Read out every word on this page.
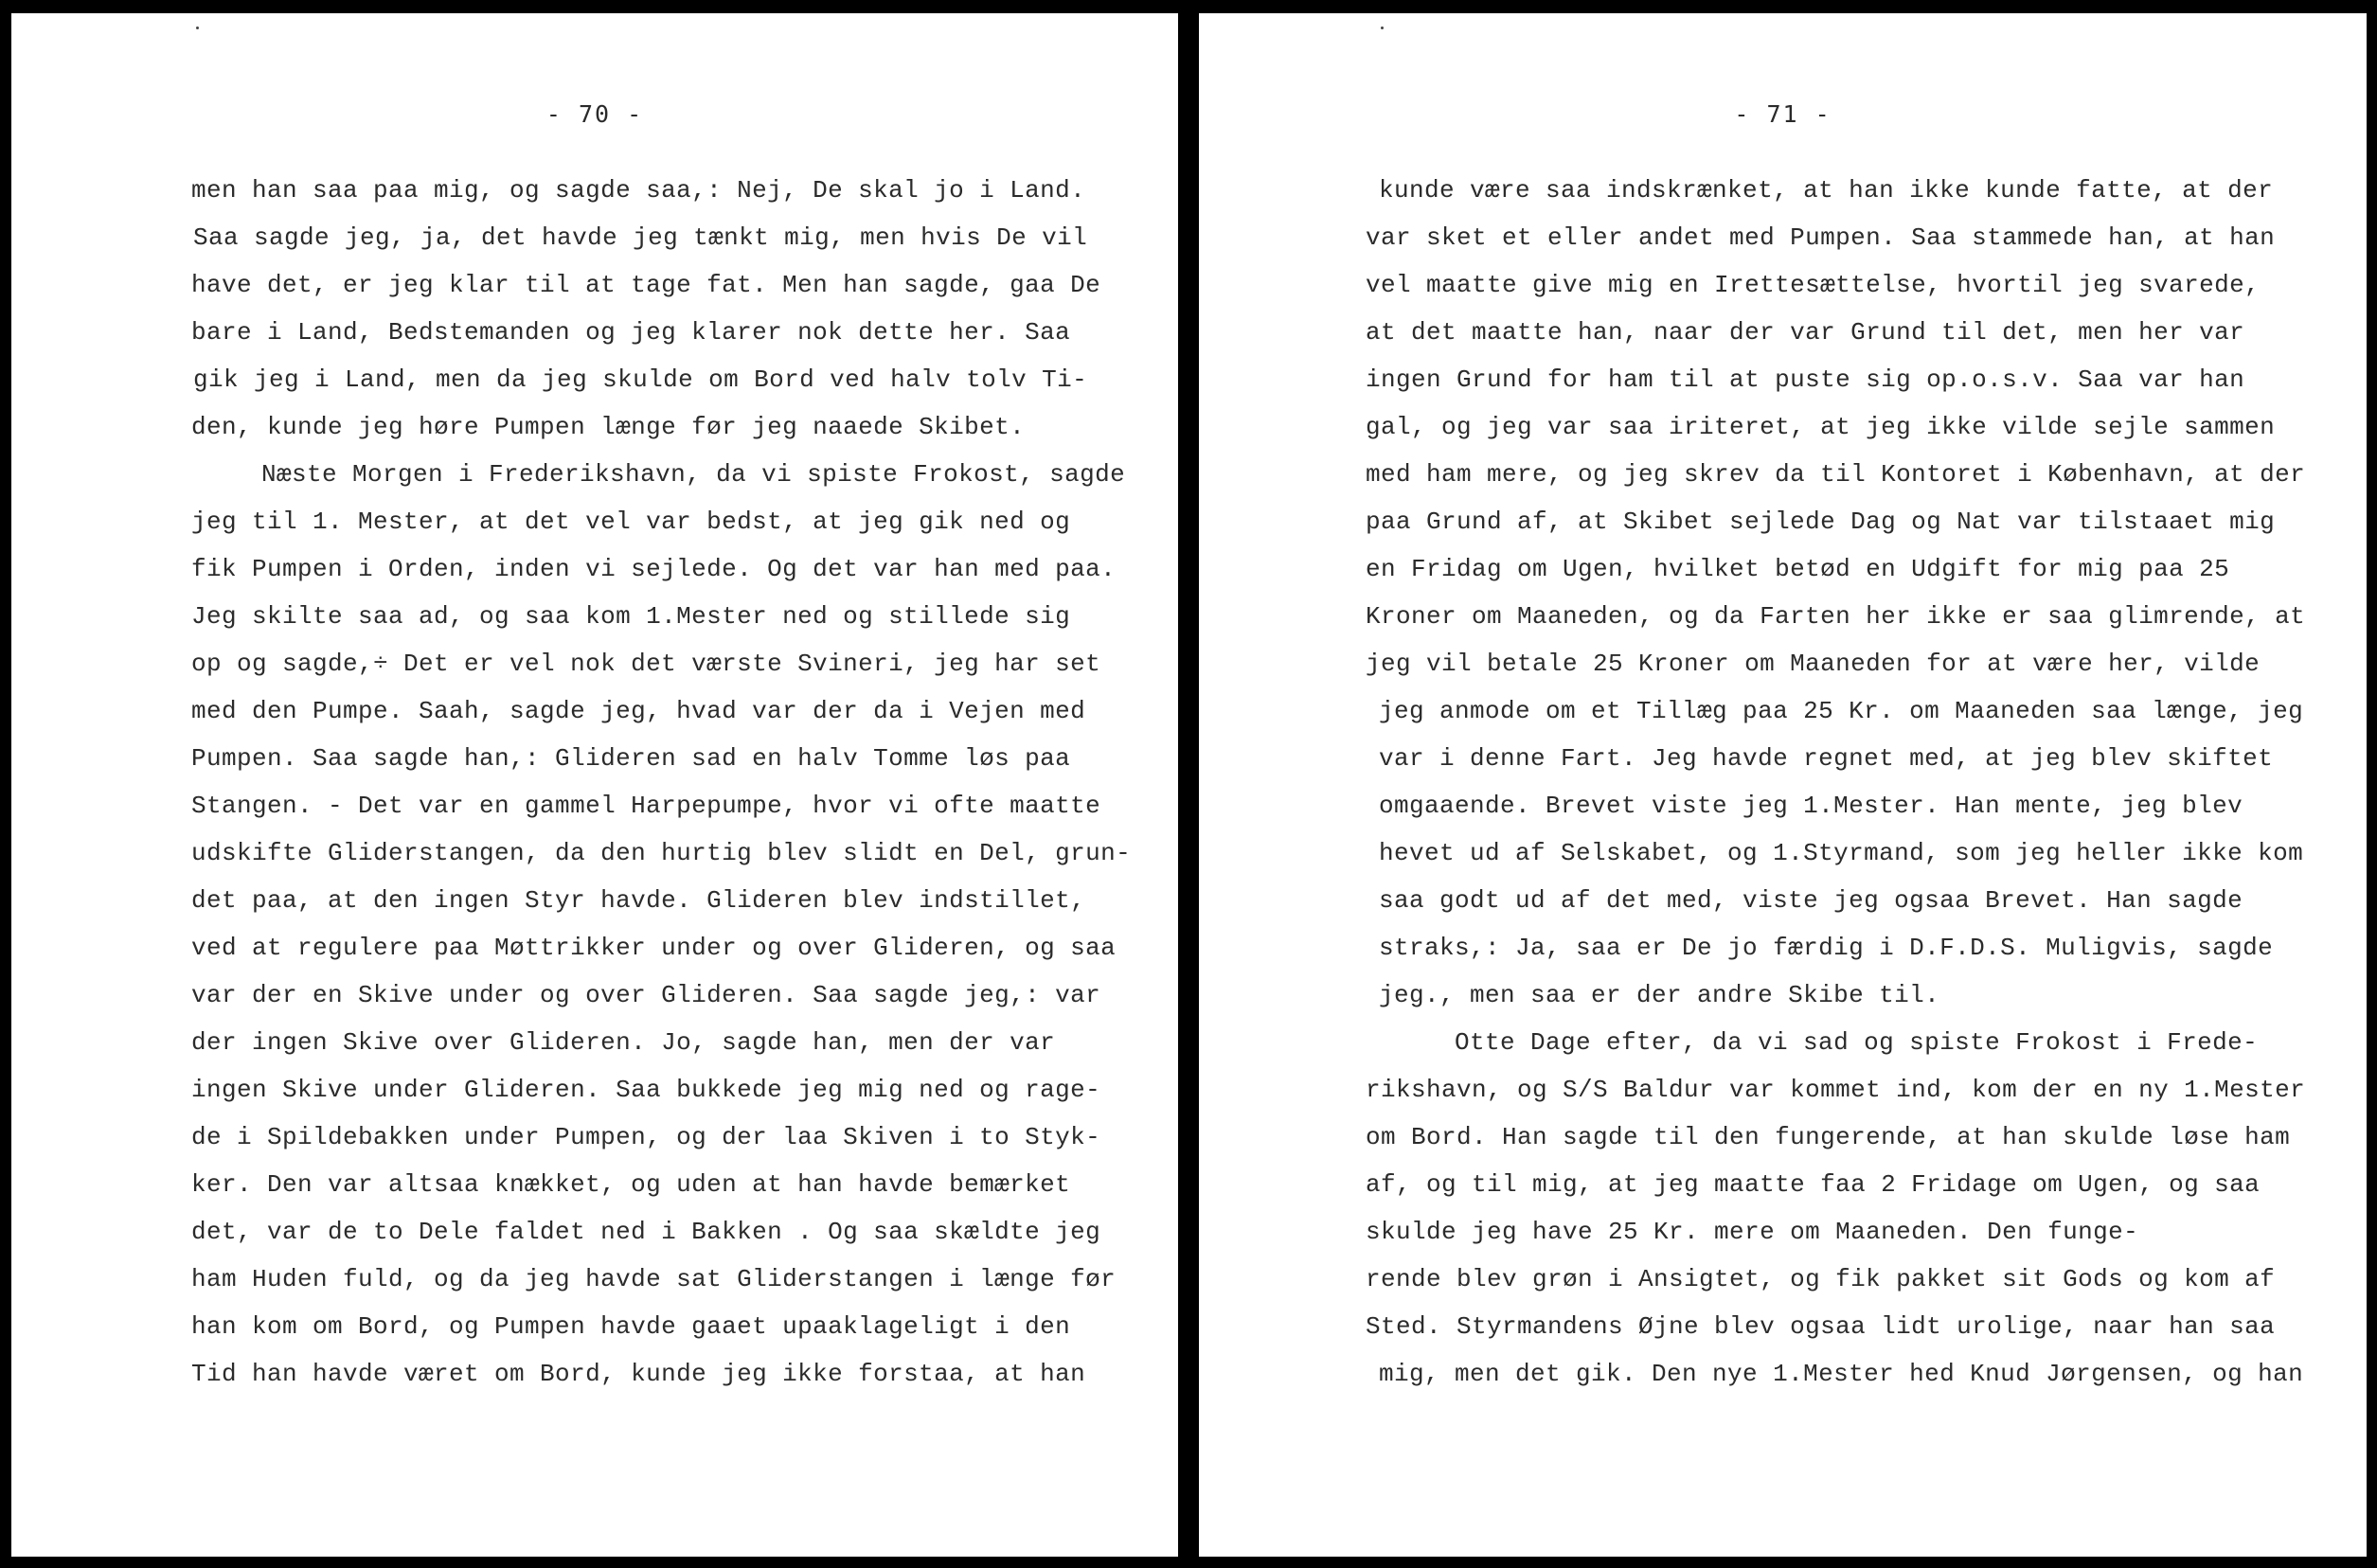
- 70 -

men han saa paa mig, og sagde saa,: Nej, De skal jo i Land.

Saa sagde jeg, ja, det havde jeg tænkt mig, men hvis De vil

have det, er jeg klar til at tage fat. Men han sagde, gaa De

bare i Land, Bedstemanden og jeg klarer nok dette her. Saa

gik jeg i Land, men da jeg skulde om Bord ved halv tolv Ti-

den, kunde jeg høre Pumpen længe før jeg naaede Skibet.

Næste Morgen i Frederikshavn, da vi spiste Frokost, sagde

jeg til 1. Mester, at det vel var bedst, at jeg gik ned og

fik Pumpen i Orden, inden vi sejlede. Og det var han med paa.

Jeg skilte saa ad, og saa kom 1.Mester ned og stillede sig

op og sagde,÷ Det er vel nok det værste Svineri, jeg har set

med den Pumpe. Saah, sagde jeg, hvad var der da i Vejen med

Pumpen. Saa sagde han,: Glideren sad en halv Tomme løs paa

Stangen. - Det var en gammel Harpepumpe, hvor vi ofte maatte

udskifte Gliderstangen, da den hurtig blev slidt en Del, grun-

det paa, at den ingen Styr havde. Glideren blev indstillet,

ved at regulere paa Møttrikker under og over Glideren, og saa

var der en Skive under og over Glideren. Saa sagde jeg,: var

der ingen Skive over Glideren. Jo, sagde han, men der var

ingen Skive under Glideren. Saa bukkede jeg mig ned og rage-

de i Spildebakken under Pumpen, og der laa Skiven i to Styk-

ker. Den var altsaa knækket, og uden at han havde bemærket

det, var de to Dele faldet ned i Bakken . Og saa skældte jeg

ham Huden fuld, og da jeg havde sat Gliderstangen i længe før

han kom om Bord, og Pumpen havde gaaet upaaklageligt i den

Tid han havde været om Bord, kunde jeg ikke forstaa, at han

- 71 -

kunde være saa indskrænket, at han ikke kunde fatte, at der

var sket et eller andet med Pumpen. Saa stammede han, at han

vel maatte give mig en Irettesættelse, hvortil jeg svarede,

at det maatte han, naar der var Grund til det, men her var

ingen Grund for ham til at puste sig op.o.s.v. Saa var han

gal, og jeg var saa iriteret, at jeg ikke vilde sejle sammen

med ham mere, og jeg skrev da til Kontoret i København, at der

paa Grund af, at Skibet sejlede Dag og Nat var tilstaaet mig

en Fridag om Ugen, hvilket betød en Udgift for mig paa 25

Kroner om Maaneden, og da Farten her ikke er saa glimrende, at

jeg vil betale 25 Kroner om Maaneden for at være her, vilde

jeg anmode om et Tillæg paa 25 Kr. om Maaneden saa længe, jeg

var i denne Fart. Jeg havde regnet med, at jeg blev skiftet

omgaaende. Brevet viste jeg 1.Mester. Han mente, jeg blev

hevet ud af Selskabet, og 1.Styrmand, som jeg heller ikke kom

saa godt ud af det med, viste jeg ogsaa Brevet. Han sagde

straks,: Ja, saa er De jo færdig i D.F.D.S. Muligvis, sagde

jeg., men saa er der andre Skibe til.

Otte Dage efter, da vi sad og spiste Frokost i Frede-

rikshavn, og S/S Baldur var kommet ind, kom der en ny 1.Mester

om Bord. Han sagde til den fungerende, at han skulde løse ham

af, og til mig, at jeg maatte faa 2 Fridage om Ugen, og saa

skulde jeg have 25 Kr. mere om Maaneden. Den funge-

rende blev grøn i Ansigtet, og fik pakket sit Gods og kom af

Sted. Styrmandens Øjne blev ogsaa lidt urolige, naar han saa

mig, men det gik. Den nye 1.Mester hed Knud Jørgensen, og han
